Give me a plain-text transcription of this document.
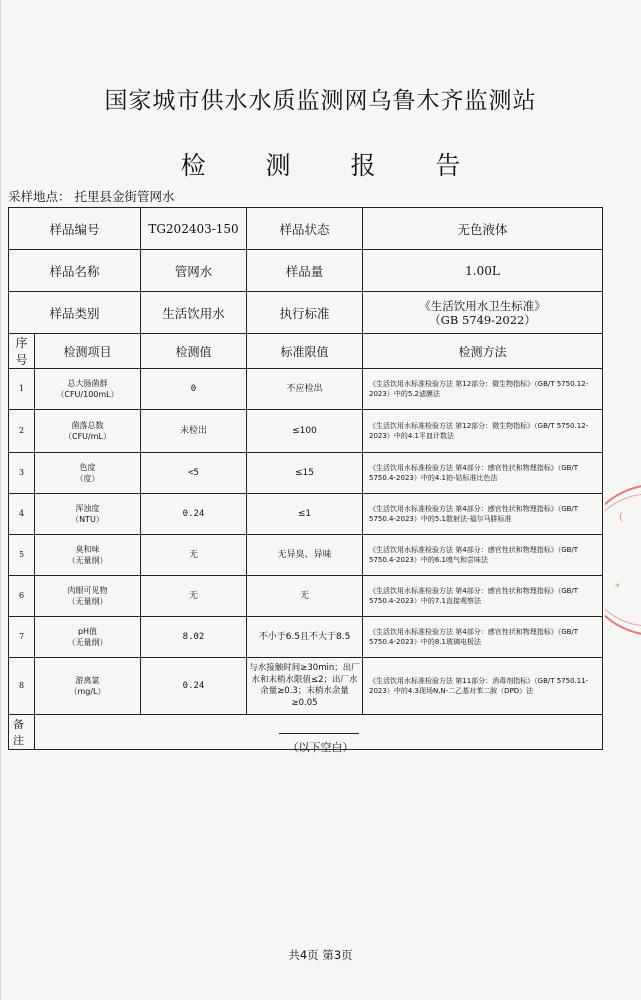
国家城市供水水质监测网乌鲁木齐监测站
检 测 报 告
采样地点： 托里县金街管网水
样品编号		TG202403-150	样品状态	无色液体
样品名称		管网水	样品量	1.00L
样品类别		生活饮用水	执行标准	《生活饮用水卫生标准》
（GB 5749-2022）

序号	检测项目	检测值	标准限值	检测方法
1	总大肠菌群
（CFU/100mL）	0	不应检出	《生活饮用水标准检验方法 第12部分：微生物指标》（GB/T 5750.12-2023）中的5.2滤膜法
2	菌落总数
（CFU/mL）	未检出	≤100	《生活饮用水标准检验方法 第12部分：微生物指标》（GB/T 5750.12-2023）中的4.1平皿计数法
3	色度
（度）	<5	≤15	《生活饮用水标准检验方法 第4部分：感官性状和物理指标》（GB/T 5750.4-2023）中的4.1铂-钴标准比色法
4	浑浊度
（NTU）	0.24	≤1	《生活饮用水标准检验方法 第4部分：感官性状和物理指标》（GB/T 5750.4-2023）中的5.1散射法-福尔马肼标准
5	臭和味
（无量纲）	无	无异臭、异味	《生活饮用水标准检验方法 第4部分：感官性状和物理指标》（GB/T 5750.4-2023）中的6.1嗅气和尝味法
6	肉眼可见物
（无量纲）	无	无	《生活饮用水标准检验方法 第4部分：感官性状和物理指标》（GB/T 5750.4-2023）中的7.1直接观察法
7	pH值
（无量纲）	8.02	不小于6.5且不大于8.5	《生活饮用水标准检验方法 第4部分：感官性状和物理指标》（GB/T 5750.4-2023）中的8.1玻璃电极法
8	游离氯
（mg/L）	0.24	与水接触时间≥30min；出厂水和末梢水限值≤2；出厂水余量≥0.3；末梢水余量≥0.05	《生活饮用水标准检验方法 第11部分：消毒剂指标》（GB/T 5750.11-2023）中的4.3现场N,N-二乙基对苯二胺（DPD）法
备注				
（以下空白）
(
*
共4页 第3页
